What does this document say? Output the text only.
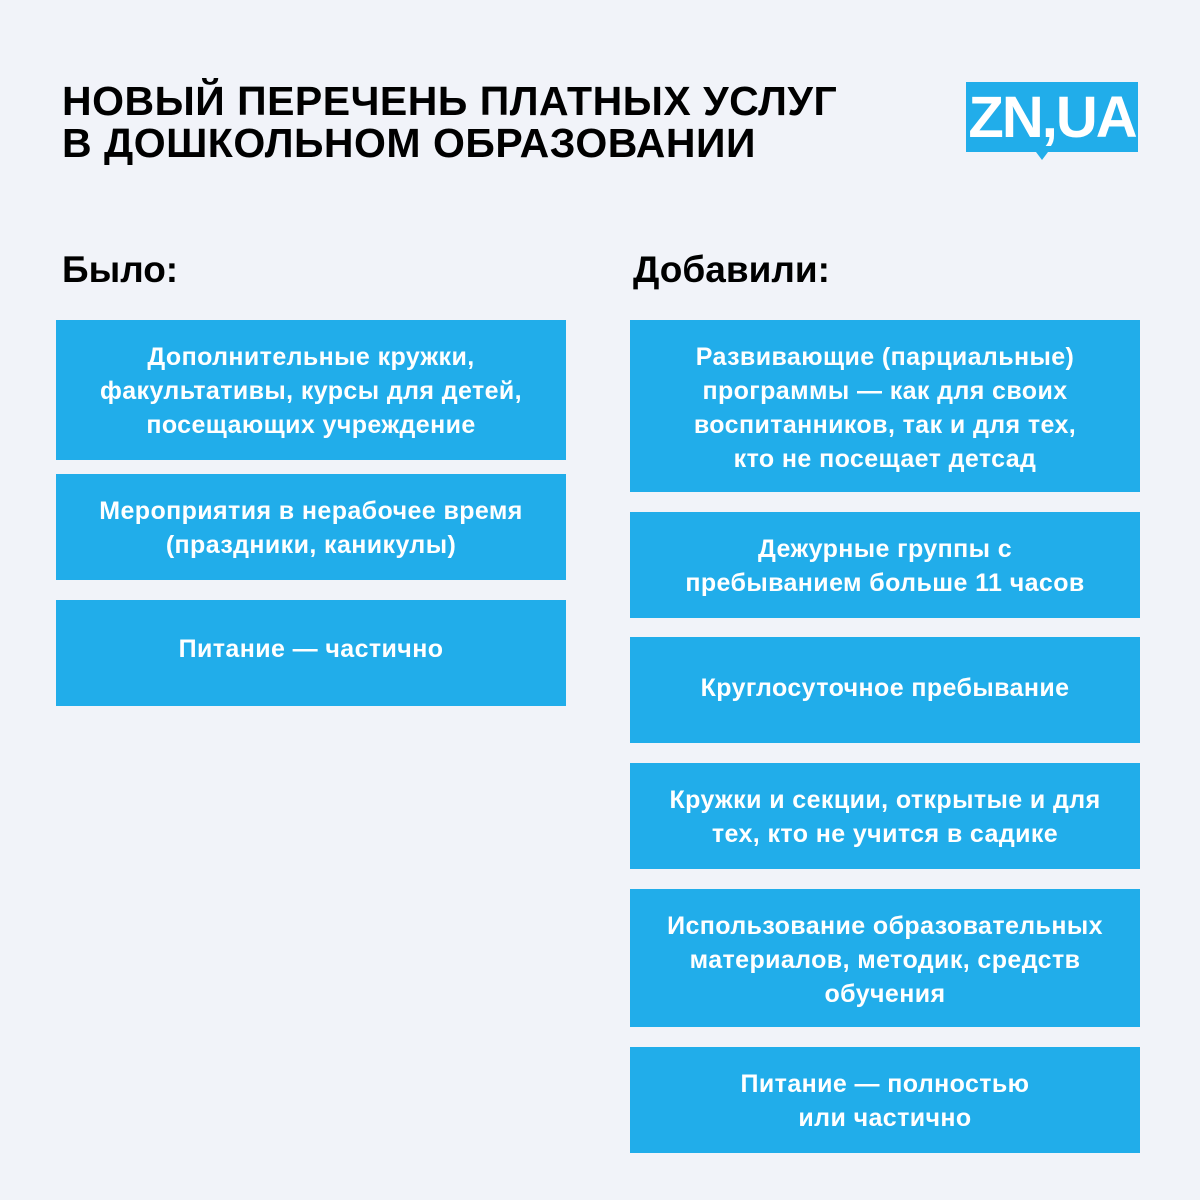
НОВЫЙ ПЕРЕЧЕНЬ ПЛАТНЫХ УСЛУГ
В ДОШКОЛЬНОМ ОБРАЗОВАНИИ	ZN,UA
Было:	Добавили:
Дополнительные кружки,
факультативы, курсы для детей,
посещающих учреждение
Мероприятия в нерабочее время
(праздники, каникулы)
Питание — частично
Развивающие (парциальные)
программы — как для своих
воспитанников, так и для тех,
кто не посещает детсад
Дежурные группы с
пребыванием больше 11 часов
Круглосуточное пребывание
Кружки и секции, открытые и для
тех, кто не учится в садике
Использование образовательных
материалов, методик, средств
обучения
Питание — полностью
или частично
